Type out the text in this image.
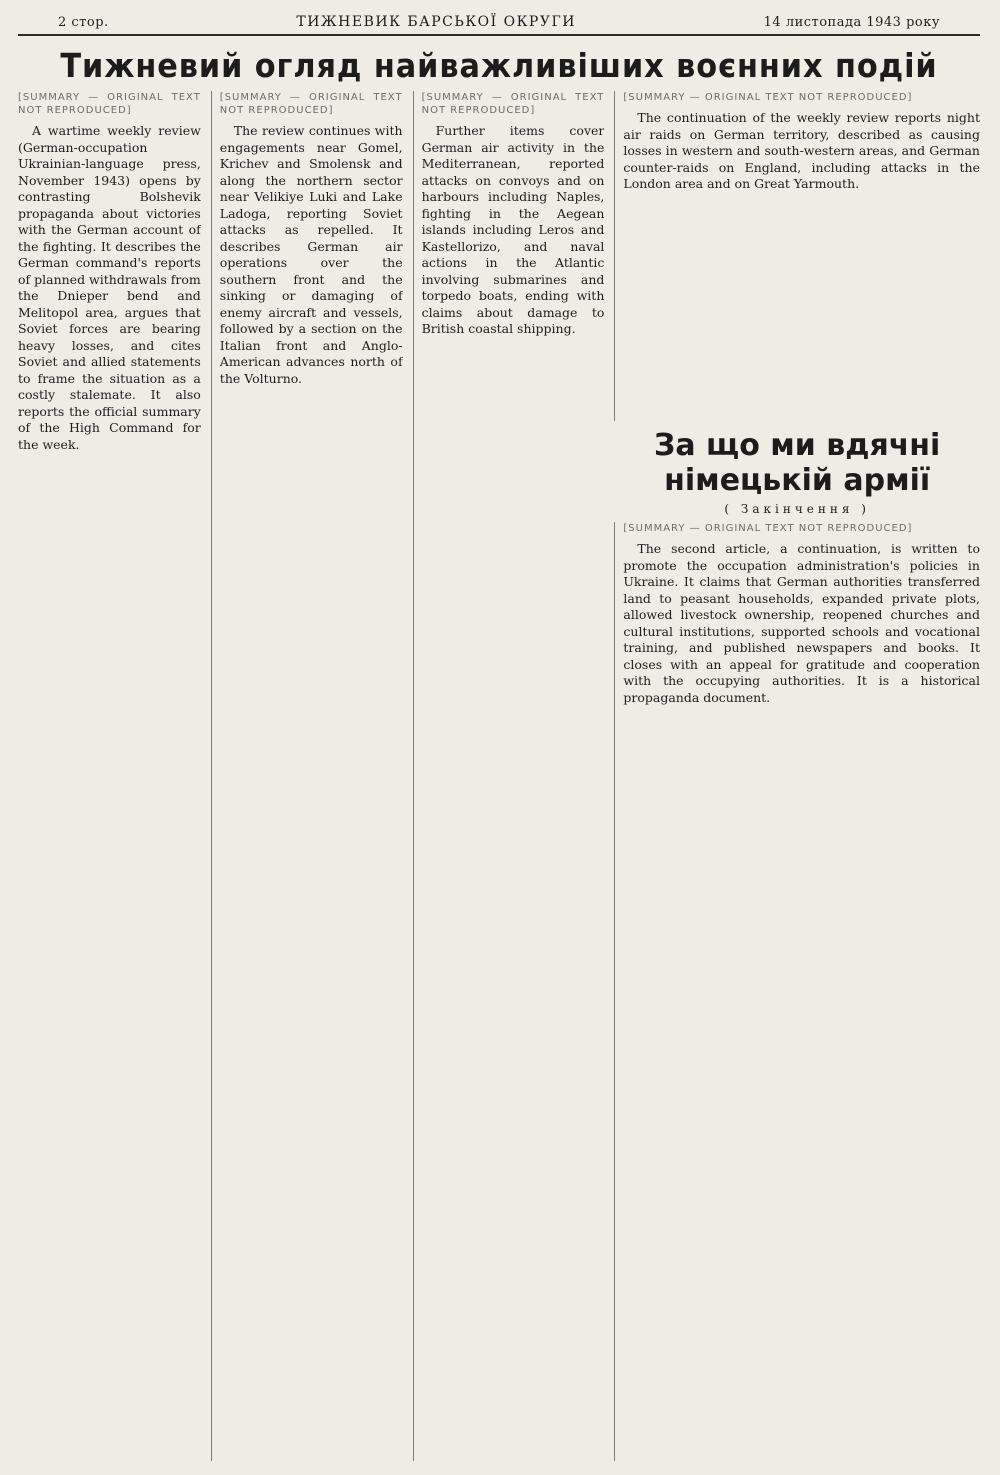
2 стор.	ТИЖНЕВИК БАРСЬКОЇ ОКРУГИ	14 листопада 1943 року
Тижневий огляд найважливіших воєнних подій

[SUMMARY — ORIGINAL TEXT NOT REPRODUCED]

A wartime weekly review (German-occupation Ukrainian-language press, November 1943) opens by contrasting Bolshevik propaganda about victories with the German account of the fighting. It describes the German command's reports of planned withdrawals from the Dnieper bend and Melitopol area, argues that Soviet forces are bearing heavy losses, and cites Soviet and allied statements to frame the situation as a costly stalemate. It also reports the official summary of the High Command for the week.

[SUMMARY — ORIGINAL TEXT NOT REPRODUCED]

The review continues with engagements near Gomel, Krichev and Smolensk and along the northern sector near Velikiye Luki and Lake Ladoga, reporting Soviet attacks as repelled. It describes German air operations over the southern front and the sinking or damaging of enemy aircraft and vessels, followed by a section on the Italian front and Anglo-American advances north of the Volturno.

[SUMMARY — ORIGINAL TEXT NOT REPRODUCED]

Further items cover German air activity in the Mediterranean, reported attacks on convoys and on harbours including Naples, fighting in the Aegean islands including Leros and Kastellorizo, and naval actions in the Atlantic involving submarines and torpedo boats, ending with claims about damage to British coastal shipping.

[SUMMARY — ORIGINAL TEXT NOT REPRODUCED]

The continuation of the weekly review reports night air raids on German territory, described as causing losses in western and south-western areas, and German counter-raids on England, including attacks in the London area and on Great Yarmouth.

За що ми вдячні німецькій армії
( Закінчення )

[SUMMARY — ORIGINAL TEXT NOT REPRODUCED]

The second article, a continuation, is written to promote the occupation administration's policies in Ukraine. It claims that German authorities transferred land to peasant households, expanded private plots, allowed livestock ownership, reopened churches and cultural institutions, supported schools and vocational training, and published newspapers and books. It closes with an appeal for gratitude and cooperation with the occupying authorities. It is a historical propaganda document.
